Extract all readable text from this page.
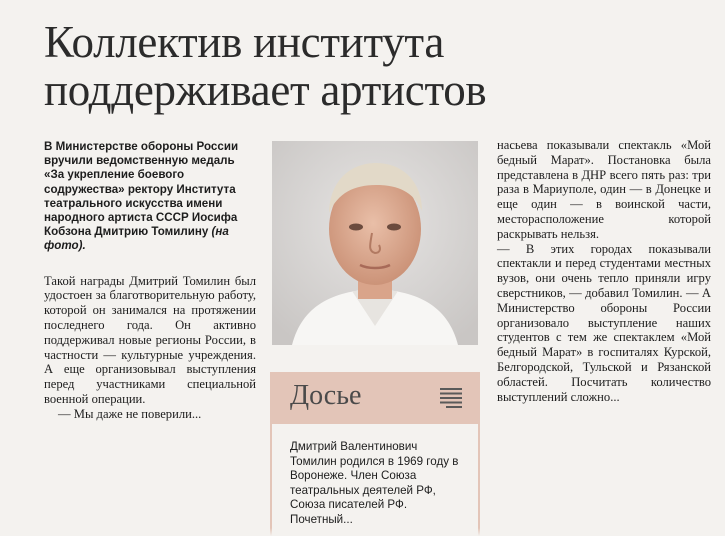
Коллектив института
поддерживает артистов
В Министерстве обороны России вручили ведомственную медаль «За укрепление боевого содружества» ректору Института театрального искусства имени народного артиста СССР Иосифа Кобзона Дмитрию Томилину (на фото).

Такой награды Дмитрий Томилин был удостоен за благотворительную работу, которой он занимался на протяжении последнего года. Он активно поддерживал новые регионы России, в частности — культурные учреждения. А еще организовывал выступления перед участниками специальной военной операции.

— Мы даже не поверили...

Досье
Дмитрий Валентинович Томилин родился в 1969 году в Воронеже. Член Союза театральных деятелей РФ, Союза писателей РФ. Почетный...

насьева показывали спектакль «Мой бедный Марат». Постановка была представлена в ДНР всего пять раз: три раза в Мариуполе, один — в Донецке и еще один — в воинской части, месторасположение которой раскрывать нельзя.

— В этих городах показывали спектакли и перед студентами местных вузов, они очень тепло приняли игру сверстников, — добавил Томилин. — А Министерство обороны России организовало выступление наших студентов с тем же спектаклем «Мой бедный Марат» в госпиталях Курской, Белгородской, Тульской и Рязанской областей. Посчитать количество выступлений сложно...
